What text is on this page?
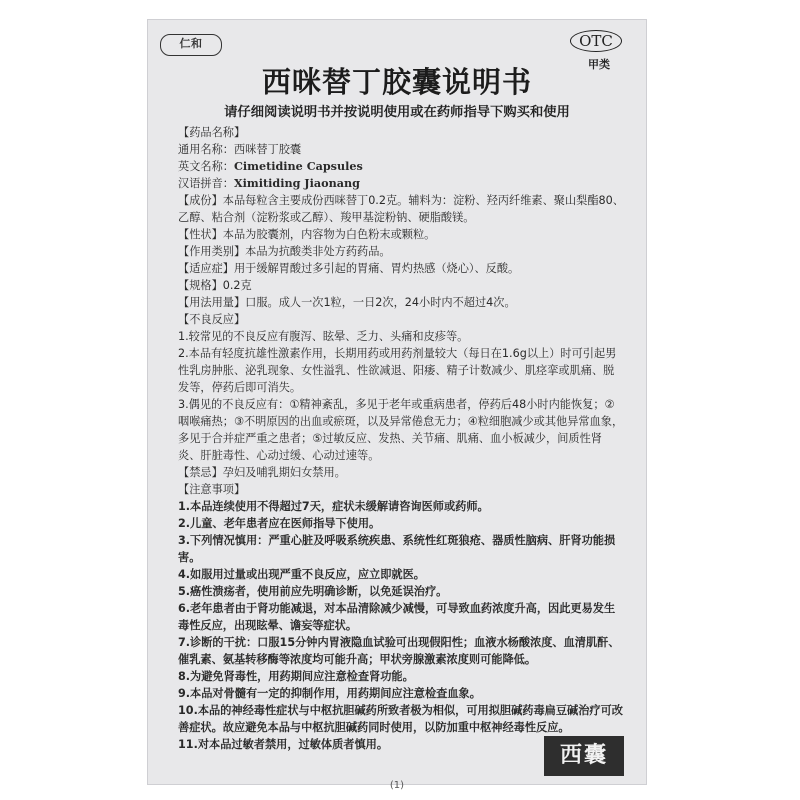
仁和	OTC
甲类
西咪替丁胶囊说明书
请仔细阅读说明书并按说明使用或在药师指导下购买和使用

【药品名称】

通用名称：西咪替丁胶囊

英文名称：Cimetidine Capsules

汉语拼音：Ximitiding Jiaonang

【成份】本品每粒含主要成份西咪替丁0.2克。辅料为：淀粉、羟丙纤维素、聚山梨酯80、乙醇、粘合剂（淀粉浆或乙醇）、羧甲基淀粉钠、硬脂酸镁。

【性状】本品为胶囊剂，内容物为白色粉末或颗粒。

【作用类别】本品为抗酸类非处方药药品。

【适应症】用于缓解胃酸过多引起的胃痛、胃灼热感（烧心）、反酸。

【规格】0.2克

【用法用量】口服。成人一次1粒，一日2次，24小时内不超过4次。

【不良反应】

1.较常见的不良反应有腹泻、眩晕、乏力、头痛和皮疹等。

2.本品有轻度抗雄性激素作用，长期用药或用药剂量较大（每日在1.6g以上）时可引起男性乳房肿胀、泌乳现象、女性溢乳、性欲减退、阳痿、精子计数减少、肌痉挛或肌痛、脱发等，停药后即可消失。

3.偶见的不良反应有：①精神紊乱，多见于老年或重病患者，停药后48小时内能恢复；②咽喉痛热；③不明原因的出血或瘀斑，以及异常倦怠无力；④粒细胞减少或其他异常血象，多见于合并症严重之患者；⑤过敏反应、发热、关节痛、肌痛、血小板减少，间质性肾炎、肝脏毒性、心动过缓、心动过速等。

【禁忌】孕妇及哺乳期妇女禁用。

【注意事项】

1.本品连续使用不得超过7天，症状未缓解请咨询医师或药师。

2.儿童、老年患者应在医师指导下使用。

3.下列情况慎用：严重心脏及呼吸系统疾患、系统性红斑狼疮、器质性脑病、肝肾功能损害。

4.如服用过量或出现严重不良反应，应立即就医。

5.癌性溃疡者，使用前应先明确诊断，以免延误治疗。

6.老年患者由于肾功能减退，对本品清除减少减慢，可导致血药浓度升高，因此更易发生毒性反应，出现眩晕、谵妄等症状。

7.诊断的干扰：口服15分钟内胃液隐血试验可出现假阳性；血液水杨酸浓度、血清肌酐、催乳素、氨基转移酶等浓度均可能升高；甲状旁腺激素浓度则可能降低。

8.为避免肾毒性，用药期间应注意检查肾功能。

9.本品对骨髓有一定的抑制作用，用药期间应注意检查血象。

10.本品的神经毒性症状与中枢抗胆碱药所致者极为相似，可用拟胆碱药毒扁豆碱治疗可改善症状。故应避免本品与中枢抗胆碱药同时使用，以防加重中枢神经毒性反应。

11.对本品过敏者禁用，过敏体质者慎用。	西囊
(1)
